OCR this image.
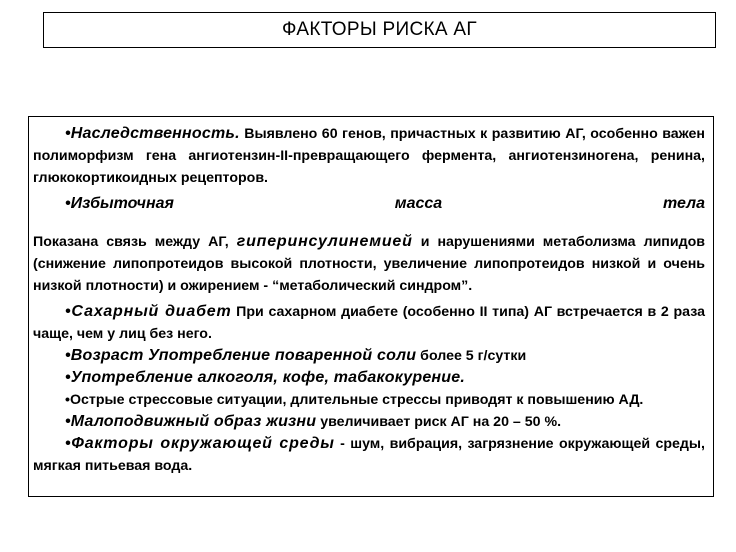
ФАКТОРЫ РИСКА АГ

•Наследственность. Выявлено 60 генов, причастных к развитию АГ, особенно важен полиморфизм гена ангиотензин-II-превращающего фермента, ангиотензиногена, ренина, глюкокортикоидных рецепторов.

•Избыточная	масса	тела

Показана связь между АГ, гиперинсулинемией и нарушениями метаболизма липидов (снижение липопротеидов высокой плотности, увеличение липопротеидов низкой и очень низкой плотности) и ожирением - “метаболический синдром”.

•Сахарный диабет При сахарном диабете (особенно II типа) АГ встречается в 2 раза чаще, чем у лиц без него.

•Возраст Употребление поваренной соли более 5 г/сутки

•Употребление алкоголя, кофе, табакокурение.

•Острые стрессовые ситуации, длительные стрессы приводят к повышению АД.

•Малоподвижный образ жизни увеличивает риск АГ на 20 – 50 %.

•Факторы окружающей среды - шум, вибрация, загрязнение окружающей среды, мягкая питьевая вода.
